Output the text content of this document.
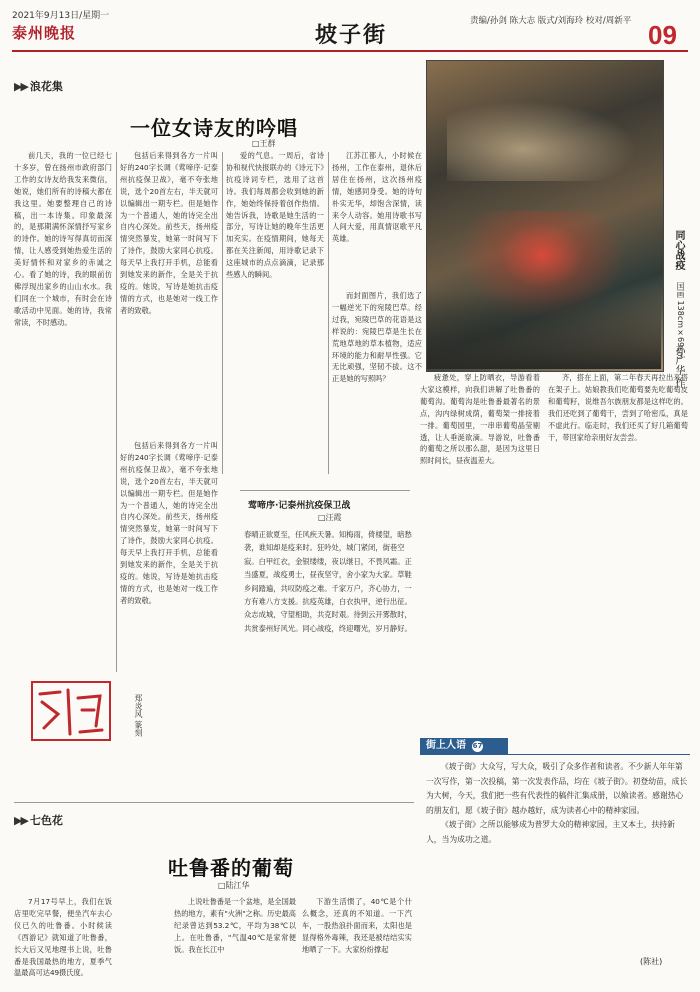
2021年9月13日/星期一
泰州晚报	坡子街
责编/孙剑 陈大志 版式/刘海玲 校对/周新平 09
▶▶ 浪花集
一位女诗友的吟唱
□王群

前几天，我的一位已经七十多岁，曾在扬州市政府部门工作的女诗友给我发来微信，她说，她们所有的诗稿大都在我这里。她要整理自己的诗稿，出一本诗集。印象最深的，是那期满怀深情抒写家乡的诗作。她的诗写得真切而深情，让人感受到她热爱生活的美好情怀和对家乡的赤诚之心。看了她的诗，我的眼前仿佛浮现出家乡的山山水水。我们同在一个城市，有时会在诗歌活动中见面。她的诗，我常常读，不时感动。

包括后来得到各方一片叫好的240字长调《莺啼序·记泰州抗疫保卫战》，毫不夸张地说，选个20首左右，半天就可以编辑出一期专栏。但是她作为一个普通人，她的诗完全出自内心深处。前些天，扬州疫情突然暴发，她第一时间写下了诗作，鼓励大家同心抗疫。每天早上我打开手机，总能看到她发来的新作，全是关于抗疫的。她说，写诗是她抗击疫情的方式，也是她对一线工作者的致敬。

爱的气息。一周后，省诗协和视代快报联办的《诗元下》抗疫诗词专栏，选用了这首诗。我们每周都会收到她的新作，她始终保持着创作热情。她告诉我，诗歌是她生活的一部分，写诗让她的晚年生活更加充实。在疫情期间，她每天都在关注新闻，用诗歌记录下这座城市的点点滴滴，记录那些感人的瞬间。

江苏江都人，小时候在扬州，工作在泰州，退休后居住在扬州，这次扬州疫情，她感同身受。她的诗句朴实无华，却饱含深情，读来令人动容。她用诗歌书写人间大爱，用真情讴歌平凡英雄。

而封面图片，我们选了一幅逆光下的宛陵巴草。经过我，宛陵巴草的花语是这样说的：宛陵巴草是生长在荒地草地的草本植物，适应环境的能力和耐旱性强。它无比顽强，坚韧不拔。这不正是她的写照吗？

同心战疫
国画 138cm×69cm
孙广华 作
莺啼序·记泰州抗疫保卫战
□汪霞
春晴正欲夏至，任风疾天暑。知梅雨，倚楼望，暗愁袭，谁知却是疫来时。狂吟处，城门紧闭，街巷空寂。白甲红衣，金银缕缕，夜以继日，不畏风霜。正当盛夏，战疫勇士，昼夜坚守，舍小家为大家。草鞋乡间踏遍，共叹防疫之难。千家万户，齐心协力，一方有难八方支援。抗疫英雄，白衣执甲，逆行出征。众志成城，守望相助，共克时艰。待到云开雾散时，共赏泰州好风光。同心战疫，终迎曙光，岁月静好。

包括后来得到各方一片叫好的240字长调《莺啼序·记泰州抗疫保卫战》，毫不夸张地说，选个20首左右，半天就可以编辑出一期专栏。但是她作为一个普通人，她的诗完全出自内心深处。前些天，扬州疫情突然暴发，她第一时间写下了诗作，鼓励大家同心抗疫。每天早上我打开手机，总能看到她发来的新作，全是关于抗疫的。她说，写诗是她抗击疫情的方式，也是她对一线工作者的致敬。

和杰
郑炎风 篆刻
▶▶ 七色花
吐鲁番的葡萄
□陆江华

7月17号早上，我们在饭店里吃完早餐，便坐汽车去心仪已久的吐鲁番。小时候读《西游记》就知道了吐鲁番，长大后又见地理书上说，吐鲁番是我国最热的地方，夏季气温最高可达49摄氏度。

上说吐鲁番是一个盆地，是全国最热的地方，素有"火洲"之称。历史最高纪录曾达到53.2℃，平均为38℃以上。在吐鲁番，"气温40℃是家常便饭。我在长江中

下游生活惯了，40℃是个什么概念，还真的不知道。一下汽车，一股热浪扑面而来，太阳也是显得格外毒辣，我还是被结结实实地晒了一下。大家纷纷撑起

疲惫处，穿上防晒衣，导游看着大家这模样，向我们讲解了吐鲁番的葡萄沟。葡萄沟是吐鲁番最著名的景点，沟内绿树成荫，葡萄架一排接着一排。葡萄园里，一串串葡萄晶莹剔透，让人垂涎欲滴。导游说，吐鲁番的葡萄之所以那么甜，是因为这里日照时间长，昼夜温差大。

齐，搭在上面，第二年春天再拉出来搭在架子上。姑娘教我们吃葡萄要先吃葡萄皮和葡萄籽，说维吾尔族朋友都是这样吃的。我们还吃到了葡萄干，尝到了哈密瓜，真是不虚此行。临走时，我们还买了好几箱葡萄干，带回家给亲朋好友尝尝。

街上人语 67

《坡子街》大众写，写大众，吸引了众多作者和读者。不少新人年年第一次写作，第一次投稿，第一次发表作品，均在《坡子街》。初登幼苗，成长为大树，今天，我们把一些有代表性的稿件汇集成册，以飨读者。感谢热心的朋友们，愿《坡子街》越办越好，成为读者心中的精神家园。

《坡子街》之所以能够成为普罗大众的精神家园，主又本土，扶持新人，当为成功之道。

(陈社)
